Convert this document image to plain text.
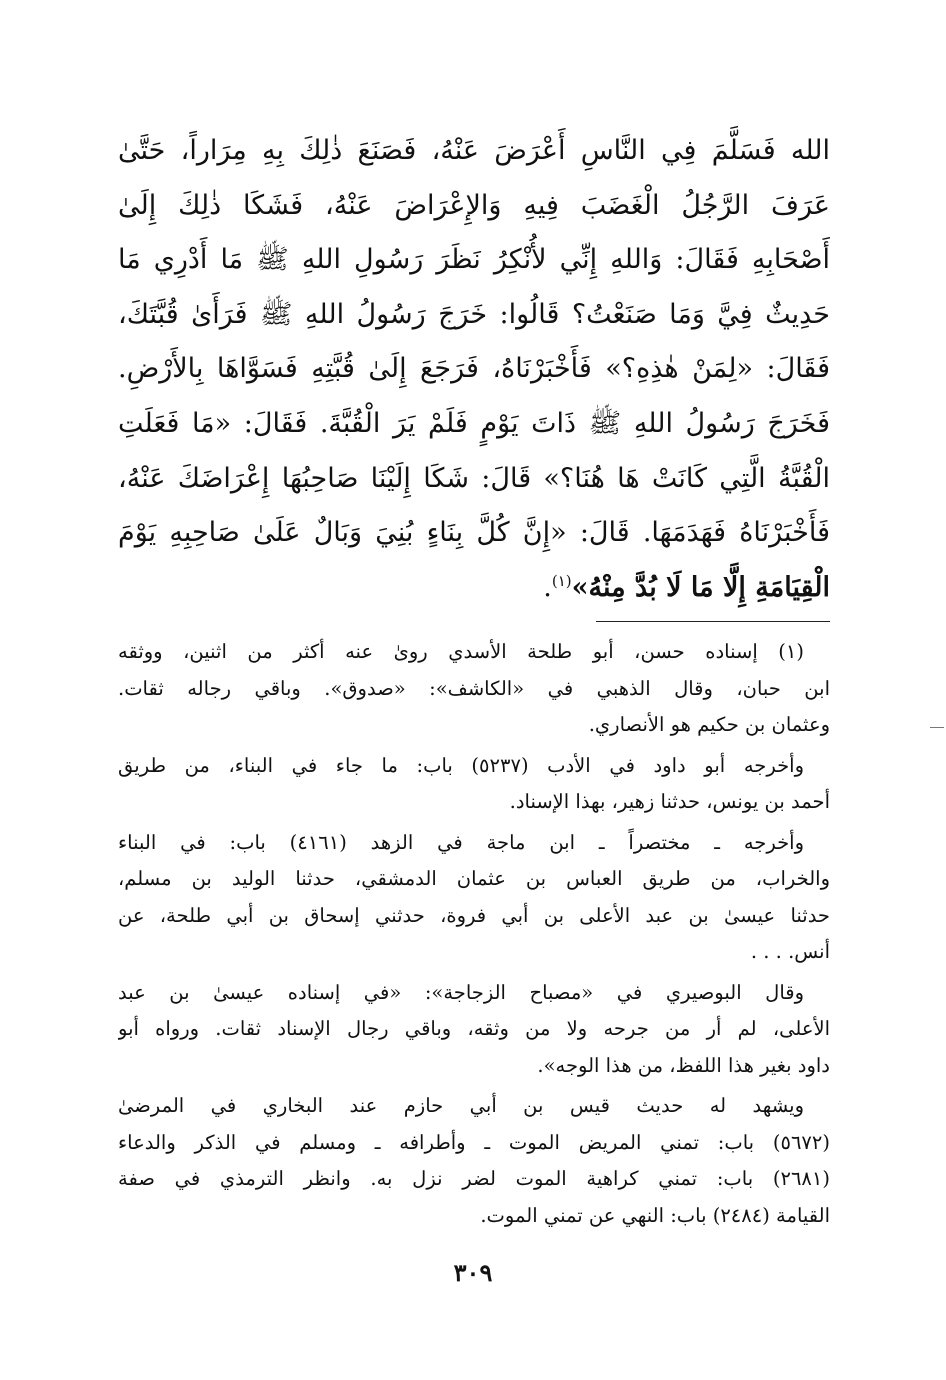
الله فَسَلَّمَ فِي النَّاسِ أَعْرَضَ عَنْهُ، فَصَنَعَ ذٰلِكَ بِهِ مِرَاراً، حَتَّىٰ
عَرَفَ الرَّجُلُ الْغَضَبَ فِيهِ وَالإِعْرَاضَ عَنْهُ، فَشَكَا ذٰلِكَ إِلَىٰ
أَصْحَابِهِ فَقَالَ: وَاللهِ إِنِّي لأُنْكِرُ نَظَرَ رَسُولِ اللهِ ﷺ مَا أَدْرِي مَا
حَدِيثٌ فِيَّ وَمَا صَنَعْتُ؟ قَالُوا: خَرَجَ رَسُولُ اللهِ ﷺ فَرَأَىٰ قُبَّتَكَ،
فَقَالَ: «لِمَنْ هٰذِهِ؟» فَأَخْبَرْنَاهُ، فَرَجَعَ إِلَىٰ قُبَّتِهِ فَسَوَّاهَا بِالأَرْضِ.
فَخَرَجَ رَسُولُ اللهِ ﷺ ذَاتَ يَوْمٍ فَلَمْ يَرَ الْقُبَّةَ. فَقَالَ: «مَا فَعَلَتِ
الْقُبَّةُ الَّتِي كَانَتْ هَا هُنَا؟» قَالَ: شَكَا إِلَيْنَا صَاحِبُهَا إِعْرَاضَكَ عَنْهُ،
فَأَخْبَرْنَاهُ فَهَدَمَهَا. قَالَ: «إِنَّ كُلَّ بِنَاءٍ بُنِيَ وَبَالٌ عَلَىٰ صَاحِبِهِ يَوْمَ
الْقِيَامَةِ إِلَّا مَا لَا بُدَّ مِنْهُ»$^{(١)}$.
(١) إسناده حسن، أبو طلحة الأسدي روىٰ عنه أكثر من اثنين، ووثقه
ابن حبان، وقال الذهبي في «الكاشف»: «صدوق». وباقي رجاله ثقات.
وعثمان بن حكيم هو الأنصاري.
وأخرجه أبو داود في الأدب (٥٢٣٧) باب: ما جاء في البناء، من طريق
أحمد بن يونس، حدثنا زهير، بهذا الإسناد.
وأخرجه ـ مختصراً ـ ابن ماجة في الزهد (٤١٦١) باب: في البناء
والخراب، من طريق العباس بن عثمان الدمشقي، حدثنا الوليد بن مسلم،
حدثنا عيسىٰ بن عبد الأعلى بن أبي فروة، حدثني إسحاق بن أبي طلحة، عن
أنس. . . .
وقال البوصيري في «مصباح الزجاجة»: «في إسناده عيسىٰ بن عبد
الأعلى، لم أر من جرحه ولا من وثقه، وباقي رجال الإسناد ثقات. ورواه أبو
داود بغير هذا اللفظ، من هذا الوجه».
ويشهد له حديث قيس بن أبي حازم عند البخاري في المرضىٰ
(٥٦٧٢) باب: تمني المريض الموت ـ وأطرافه ـ ومسلم في الذكر والدعاء
(٢٦٨١) باب: تمني كراهية الموت لضر نزل به. وانظر الترمذي في صفة
القيامة (٢٤٨٤) باب: النهي عن تمني الموت.
٣٠٩
